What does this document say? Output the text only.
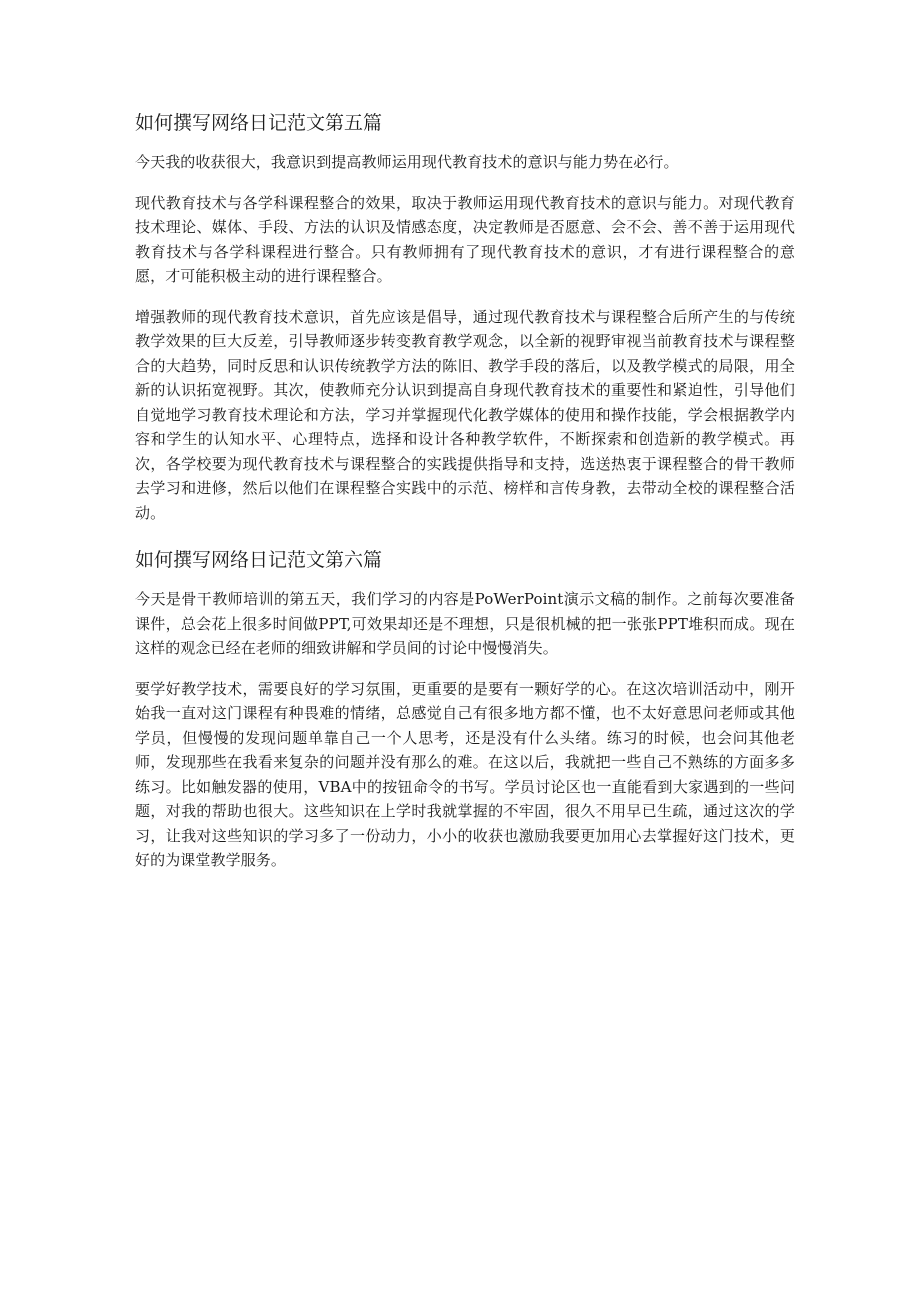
如何撰写网络日记范文第五篇

今天我的收获很大，我意识到提高教师运用现代教育技术的意识与能力势在必行。

现代教育技术与各学科课程整合的效果，取决于教师运用现代教育技术的意识与能力。对现代教育技术理论、媒体、手段、方法的认识及情感态度，决定教师是否愿意、会不会、善不善于运用现代教育技术与各学科课程进行整合。只有教师拥有了现代教育技术的意识，才有进行课程整合的意愿，才可能积极主动的进行课程整合。

增强教师的现代教育技术意识，首先应该是倡导，通过现代教育技术与课程整合后所产生的与传统教学效果的巨大反差，引导教师逐步转变教育教学观念，以全新的视野审视当前教育技术与课程整合的大趋势，同时反思和认识传统教学方法的陈旧、教学手段的落后，以及教学模式的局限，用全新的认识拓宽视野。其次，使教师充分认识到提高自身现代教育技术的重要性和紧迫性，引导他们自觉地学习教育技术理论和方法，学习并掌握现代化教学媒体的使用和操作技能，学会根据教学内容和学生的认知水平、心理特点，选择和设计各种教学软件，不断探索和创造新的教学模式。再次，各学校要为现代教育技术与课程整合的实践提供指导和支持，选送热衷于课程整合的骨干教师去学习和进修，然后以他们在课程整合实践中的示范、榜样和言传身教，去带动全校的课程整合活动。

如何撰写网络日记范文第六篇

今天是骨干教师培训的第五天，我们学习的内容是PoWerPoint演示文稿的制作。之前每次要准备课件，总会花上很多时间做PPT,可效果却还是不理想，只是很机械的把一张张PPT堆积而成。现在这样的观念已经在老师的细致讲解和学员间的讨论中慢慢消失。

要学好教学技术，需要良好的学习氛围，更重要的是要有一颗好学的心。在这次培训活动中，刚开始我一直对这门课程有种畏难的情绪，总感觉自己有很多地方都不懂，也不太好意思问老师或其他学员，但慢慢的发现问题单靠自己一个人思考，还是没有什么头绪。练习的时候，也会问其他老师，发现那些在我看来复杂的问题并没有那么的难。在这以后，我就把一些自己不熟练的方面多多练习。比如触发器的使用，VBA中的按钮命令的书写。学员讨论区也一直能看到大家遇到的一些问题，对我的帮助也很大。这些知识在上学时我就掌握的不牢固，很久不用早已生疏，通过这次的学习，让我对这些知识的学习多了一份动力，小小的收获也激励我要更加用心去掌握好这门技术，更好的为课堂教学服务。
